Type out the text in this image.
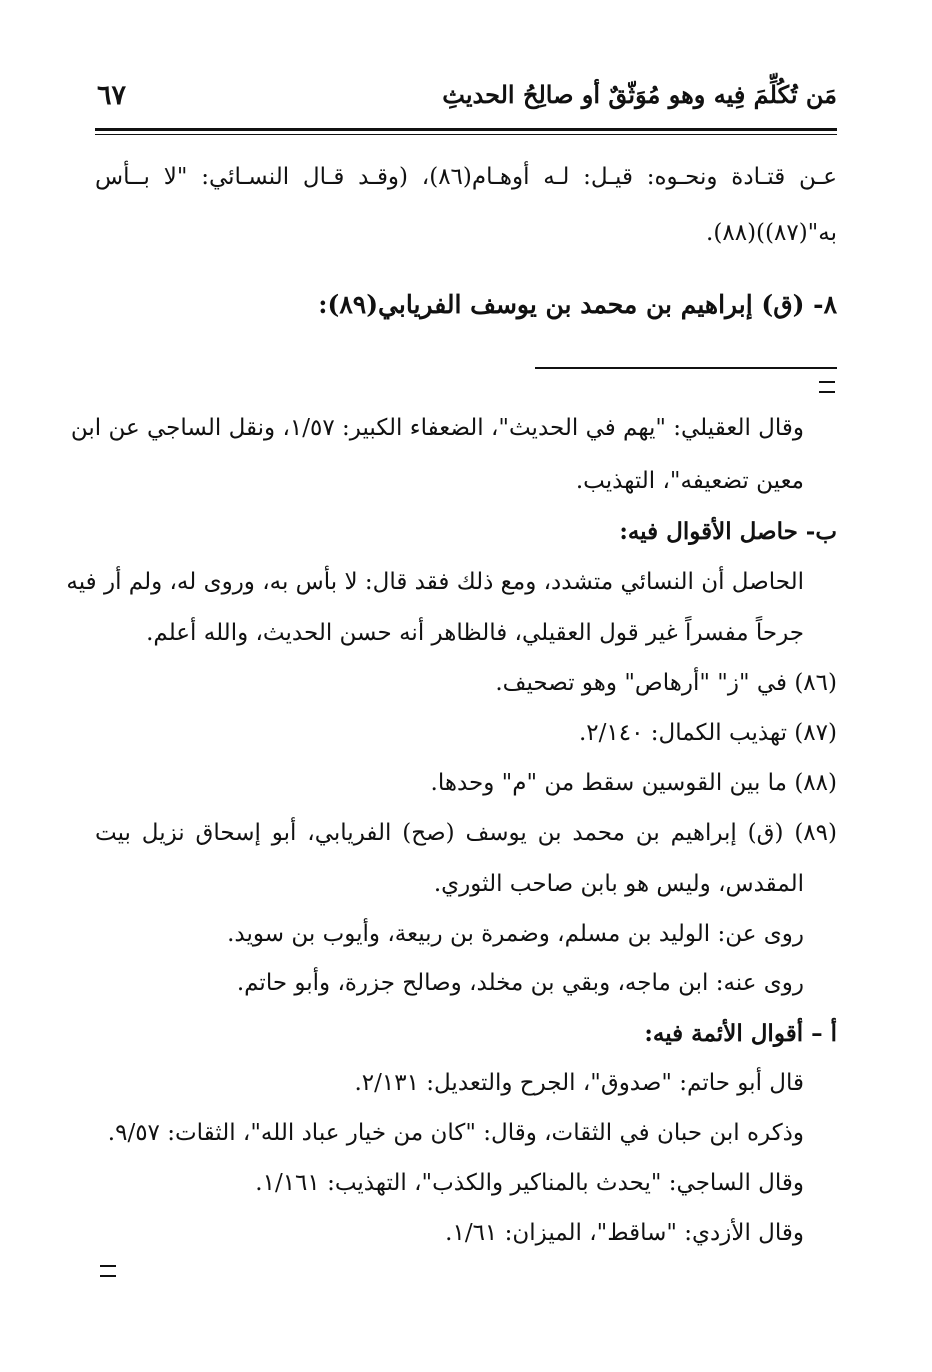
مَن تُكُلِّمَ فِيه وهو مُوَثّقٌ أو صالِحُ الحديثِ
٦٧
عـن قتـادة ونحـوه: قيـل: لـه أوهـام(٨٦)، (وقـد قـال النسـائي: "لا بــأس
به"(٨٧))(٨٨).
٨- (ق) إبراهيم بن محمد بن يوسف الفريابي(٨٩):
وقال العقيلي: "يهم في الحديث"، الضعفاء الكبير: ١/٥٧، ونقل الساجي عن ابن
معين تضعيفه"، التهذيب.
ب- حاصل الأقوال فيه:
الحاصل أن النسائي متشدد، ومع ذلك فقد قال: لا بأس به، وروى له، ولم أر فيه
جرحاً مفسراً غير قول العقيلي، فالظاهر أنه حسن الحديث، والله أعلم.
(٨٦) في "ز" "أرهاص" وهو تصحيف.
(٨٧) تهذيب الكمال: ٢/١٤٠.
(٨٨) ما بين القوسين سقط من "م" وحدها.
(٨٩) (ق) إبراهيم بن محمد بن يوسف (صح) الفريابي، أبو إسحاق نزيل بيت
المقدس، وليس هو بابن صاحب الثوري.
روى عن: الوليد بن مسلم، وضمرة بن ربيعة، وأيوب بن سويد.
روى عنه: ابن ماجه، وبقي بن مخلد، وصالح جزرة، وأبو حاتم.
أ – أقوال الأئمة فيه:
قال أبو حاتم: "صدوق"، الجرح والتعديل: ٢/١٣١.
وذكره ابن حبان في الثقات، وقال: "كان من خيار عباد الله"، الثقات: ٩/٥٧.
وقال الساجي: "يحدث بالمناكير والكذب"، التهذيب: ١/١٦١.
وقال الأزدي: "ساقط"، الميزان: ١/٦١.
